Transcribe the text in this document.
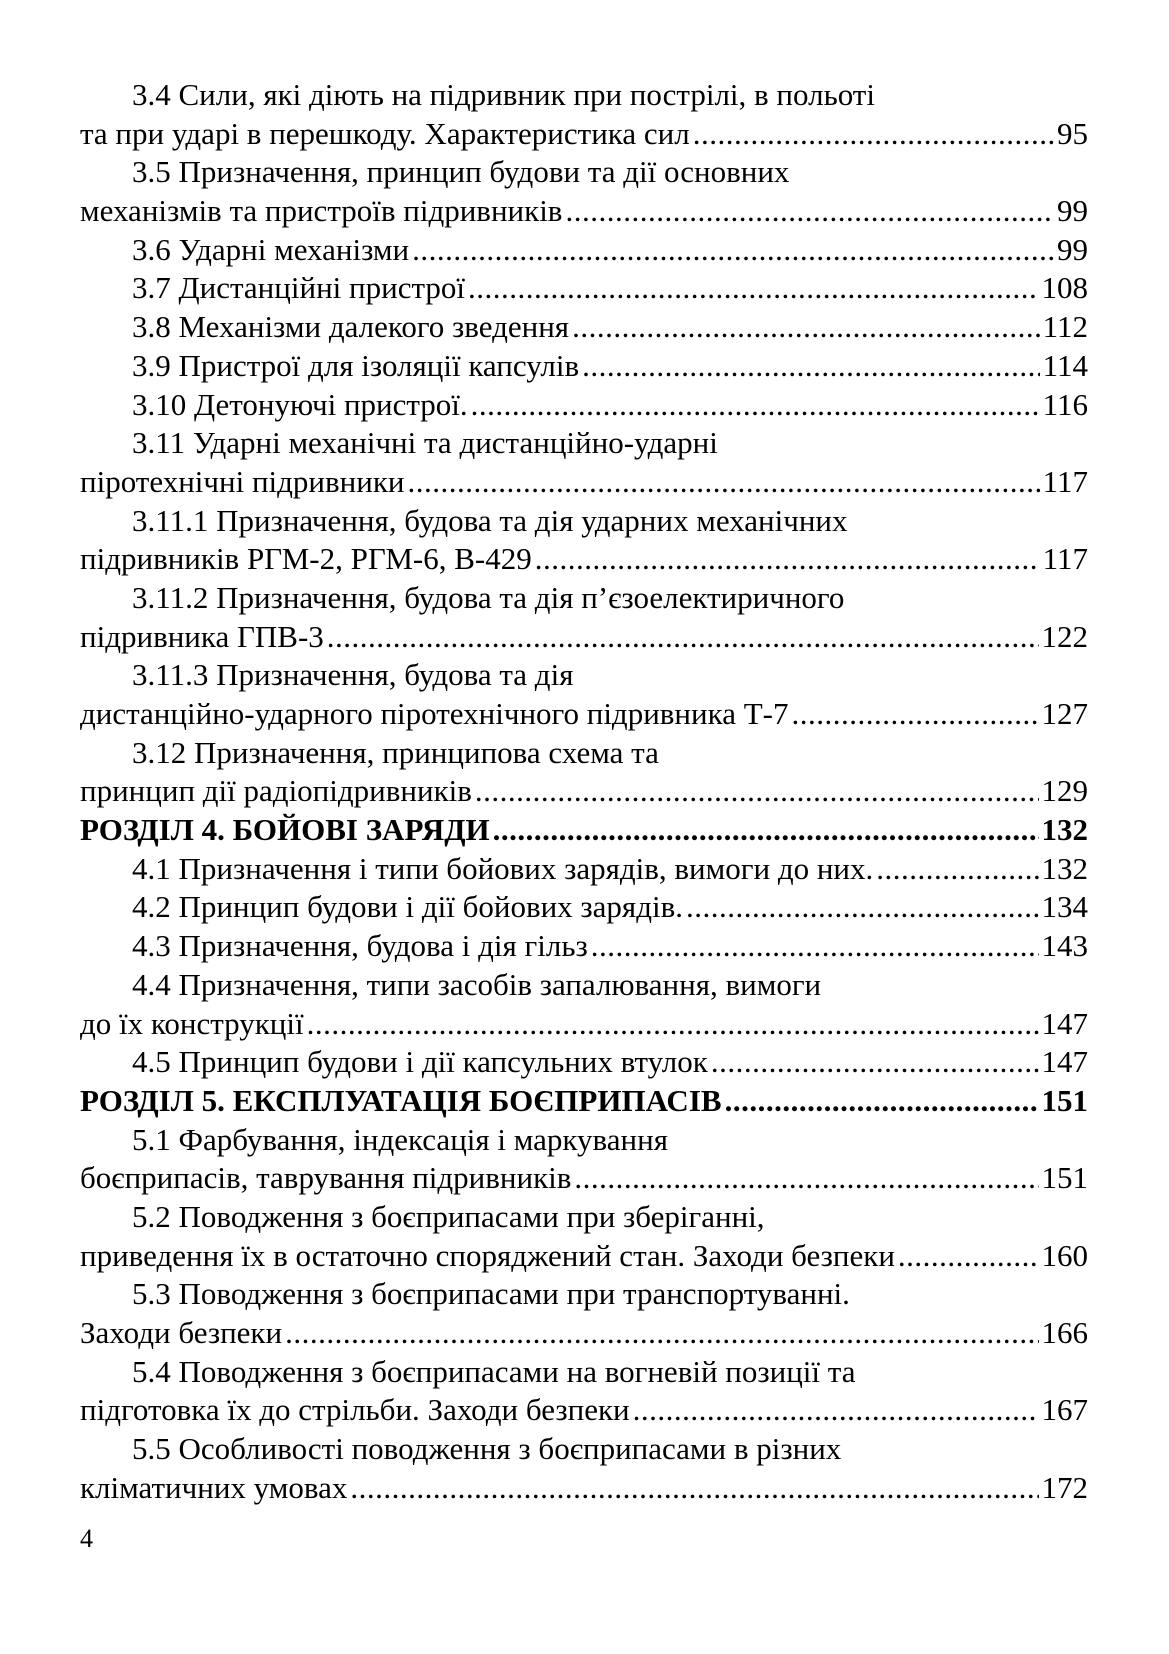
3.4 Сили, які діють на підривник при пострілі, в польоті
та при ударі в перешкоду. Характеристика сил .....	95
3.5 Призначення, принцип будови та дії основних
механізмів та пристроїв підривників .....	99
3.6 Ударні механізми .....	99
3.7 Дистанційні пристрої .....	108
3.8 Механізми далекого зведення .....	112
3.9 Пристрої для ізоляції капсулів .....	114
3.10 Детонуючі пристрої. .....	116
3.11 Ударні механічні та дистанційно-ударні
піротехнічні підривники .....	117
3.11.1 Призначення, будова та дія ударних механічних
підривників РГМ-2, РГМ-6, В-429 .....	117
3.11.2 Призначення, будова та дія п’єзоелектиричного
підривника ГПВ-3 .....	122
3.11.3 Призначення, будова та дія
дистанційно-ударного піротехнічного підривника Т-7 .....	127
3.12 Призначення, принципова схема та
принцип дії радіопідривників .....	129
РОЗДІЛ 4. БОЙОВІ ЗАРЯДИ .....	132
4.1 Призначення і типи бойових зарядів, вимоги до них. .....	132
4.2 Принцип будови і дії бойових зарядів. .....	134
4.3 Призначення, будова і дія гільз .....	143
4.4 Призначення, типи засобів запалювання, вимоги
до їх конструкції .....	147
4.5 Принцип будови і дії капсульних втулок .....	147
РОЗДІЛ 5. ЕКСПЛУАТАЦІЯ БОЄПРИПАСІВ .....	151
5.1 Фарбування, індексація і маркування
боєприпасів, таврування підривників .....	151
5.2 Поводження з боєприпасами при зберіганні,
приведення їх в остаточно споряджений стан. Заходи безпеки .....	160
5.3 Поводження з боєприпасами при транспортуванні.
Заходи безпеки .....	166
5.4 Поводження з боєприпасами на вогневій позиції та
підготовка їх до стрільби. Заходи безпеки .....	167
5.5 Особливості поводження з боєприпасами в різних
кліматичних умовах .....	172
4
